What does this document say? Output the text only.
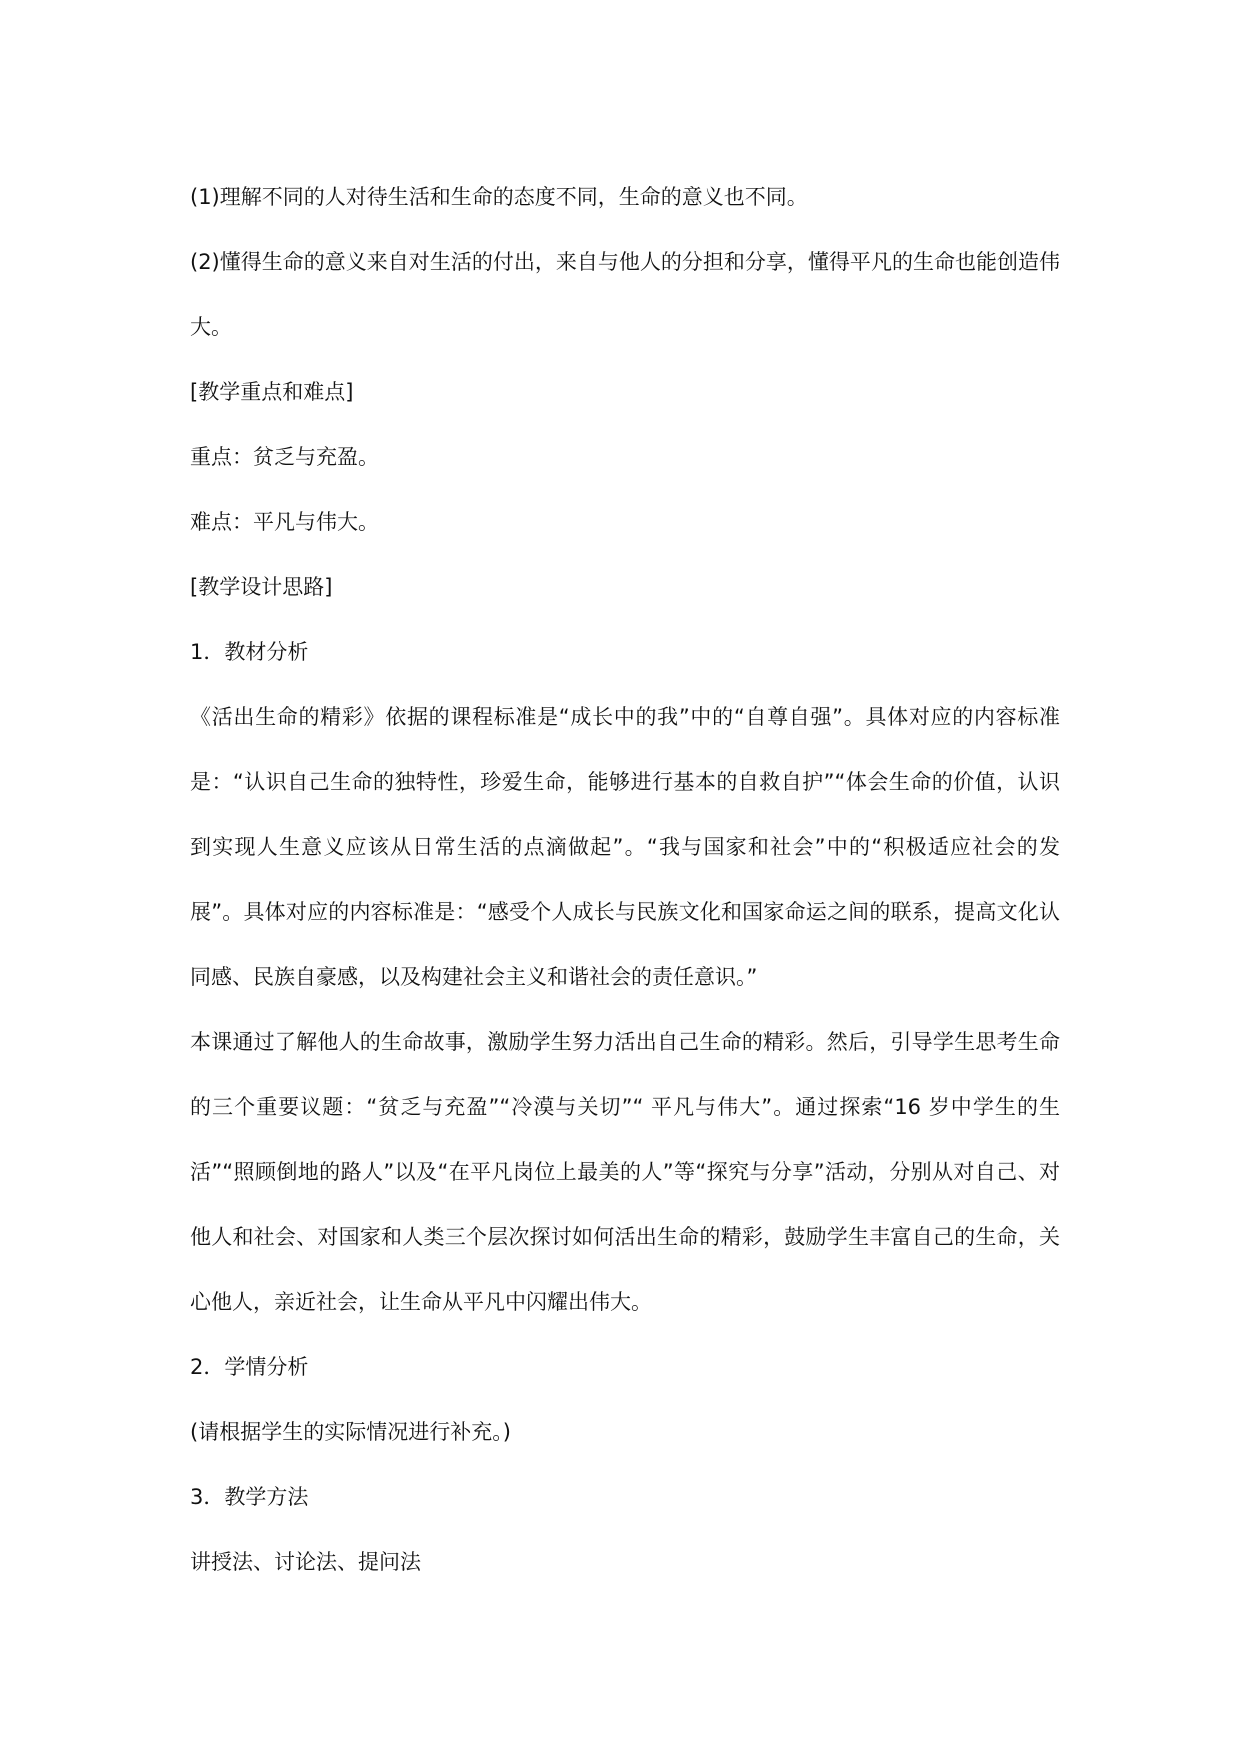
(1)理解不同的人对待生活和生命的态度不同，生命的意义也不同。

(2)懂得生命的意义来自对生活的付出，来自与他人的分担和分享，懂得平凡的生命也能创造伟大。

[教学重点和难点]

重点：贫乏与充盈。

难点：平凡与伟大。

[教学设计思路]

1．教材分析

《活出生命的精彩》依据的课程标准是“成长中的我”中的“自尊自强”。具体对应的内容标准是：“认识自己生命的独特性，珍爱生命，能够进行基本的自救自护”“体会生命的价值，认识到实现人生意义应该从日常生活的点滴做起”。“我与国家和社会”中的“积极适应社会的发展”。具体对应的内容标准是：“感受个人成长与民族文化和国家命运之间的联系，提高文化认同感、民族自豪感，以及构建社会主义和谐社会的责任意识。”

本课通过了解他人的生命故事，激励学生努力活出自己生命的精彩。然后，引导学生思考生命的三个重要议题：“贫乏与充盈”“冷漠与关切”“ 平凡与伟大”。通过探索“16 岁中学生的生活”“照顾倒地的路人”以及“在平凡岗位上最美的人”等“探究与分享”活动，分别从对自己、对他人和社会、对国家和人类三个层次探讨如何活出生命的精彩，鼓励学生丰富自己的生命，关心他人，亲近社会，让生命从平凡中闪耀出伟大。

2．学情分析

(请根据学生的实际情况进行补充。)

3．教学方法

讲授法、讨论法、提问法
